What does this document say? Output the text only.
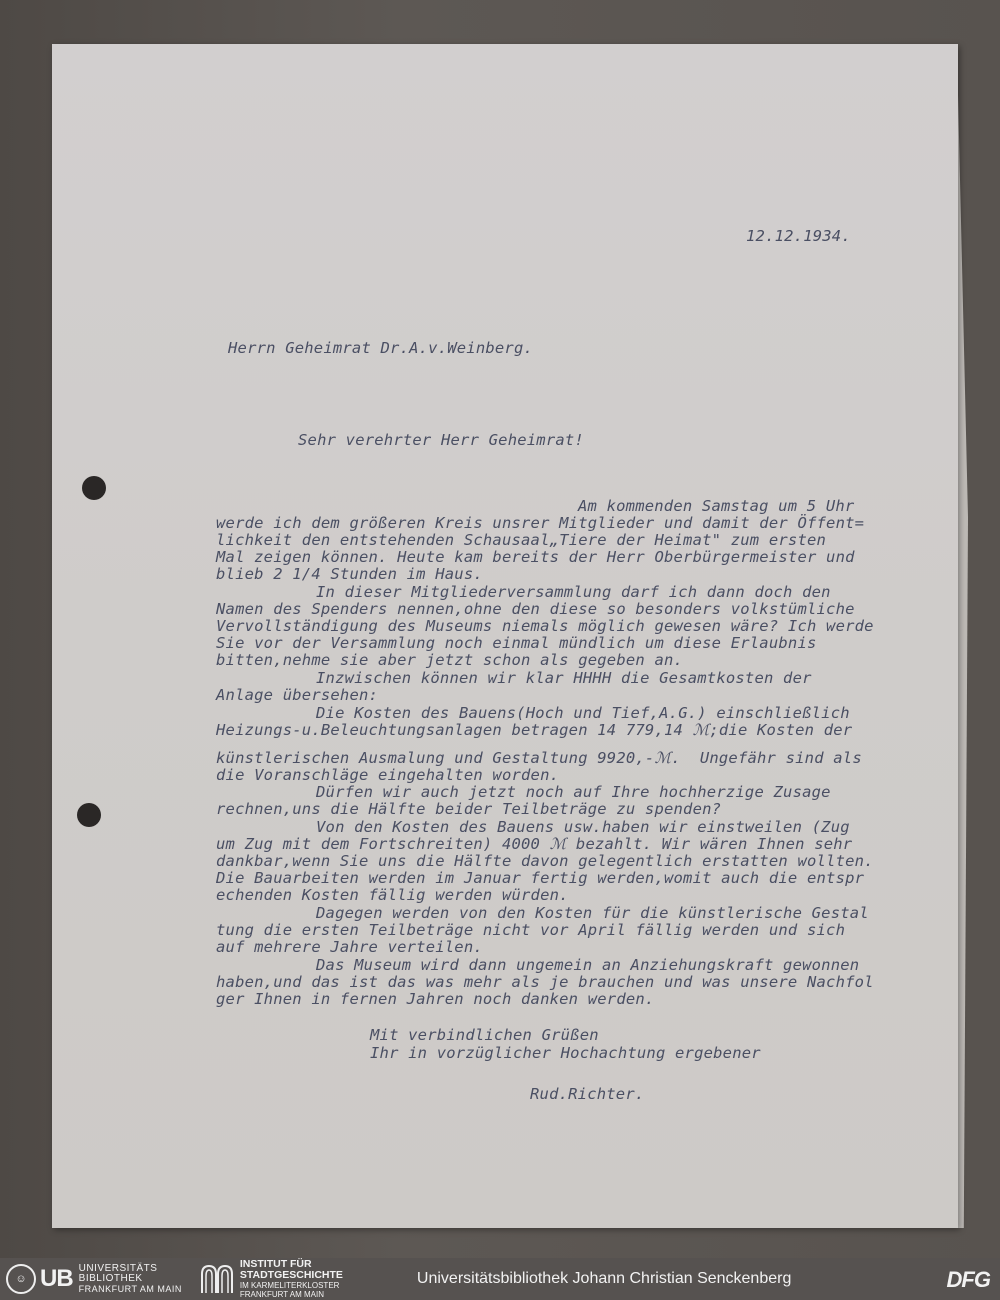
12.12.1934.
Herrn Geheimrat Dr.A.v.Weinberg.
Sehr verehrter Herr Geheimrat!
Am kommenden Samstag um 5 Uhr
werde ich dem größeren Kreis unsrer Mitglieder und damit der Öffent=
lichkeit den entstehenden Schausaal„Tiere der Heimat" zum ersten
Mal zeigen können. Heute kam bereits der Herr Oberbürgermeister und
blieb 2 1/4 Stunden im Haus.
In dieser Mitgliederversammlung darf ich dann doch den
Namen des Spenders nennen,ohne den diese so besonders volkstümliche
Vervollständigung des Museums niemals möglich gewesen wäre? Ich werde
Sie vor der Versammlung noch einmal mündlich um diese Erlaubnis
bitten,nehme sie aber jetzt schon als gegeben an.
Inzwischen können wir klar HHHH die Gesamtkosten der
Anlage übersehen:
Die Kosten des Bauens(Hoch und Tief,A.G.) einschließlich
Heizungs-u.Beleuchtungsanlagen betragen 14 779,14 ℳ;die Kosten der
künstlerischen Ausmalung und Gestaltung 9920,-ℳ.  Ungefähr sind als
die Voranschläge eingehalten worden.
Dürfen wir auch jetzt noch auf Ihre hochherzige Zusage
rechnen,uns die Hälfte beider Teilbeträge zu spenden?
Von den Kosten des Bauens usw.haben wir einstweilen (Zug
um Zug mit dem Fortschreiten) 4000 ℳ bezahlt. Wir wären Ihnen sehr
dankbar,wenn Sie uns die Hälfte davon gelegentlich erstatten wollten.
Die Bauarbeiten werden im Januar fertig werden,womit auch die entspr
echenden Kosten fällig werden würden.
Dagegen werden von den Kosten für die künstlerische Gestal
tung die ersten Teilbeträge nicht vor April fällig werden und sich
auf mehrere Jahre verteilen.
Das Museum wird dann ungemein an Anziehungskraft gewonnen
haben,und das ist das was mehr als je brauchen und was unsere Nachfol
ger Ihnen in fernen Jahren noch danken werden.
Mit verbindlichen Grüßen
Ihr in vorzüglicher Hochachtung ergebener
Rud.Richter.
☺ UB UNIVERSITÄTS
BIBLIOTHEK
FRANKFURT AM MAIN
INSTITUT FÜR
STADTGESCHICHTE
IM KARMELITERKLOSTER
FRANKFURT AM MAIN
Universitätsbibliothek Johann Christian Senckenberg	DFG
